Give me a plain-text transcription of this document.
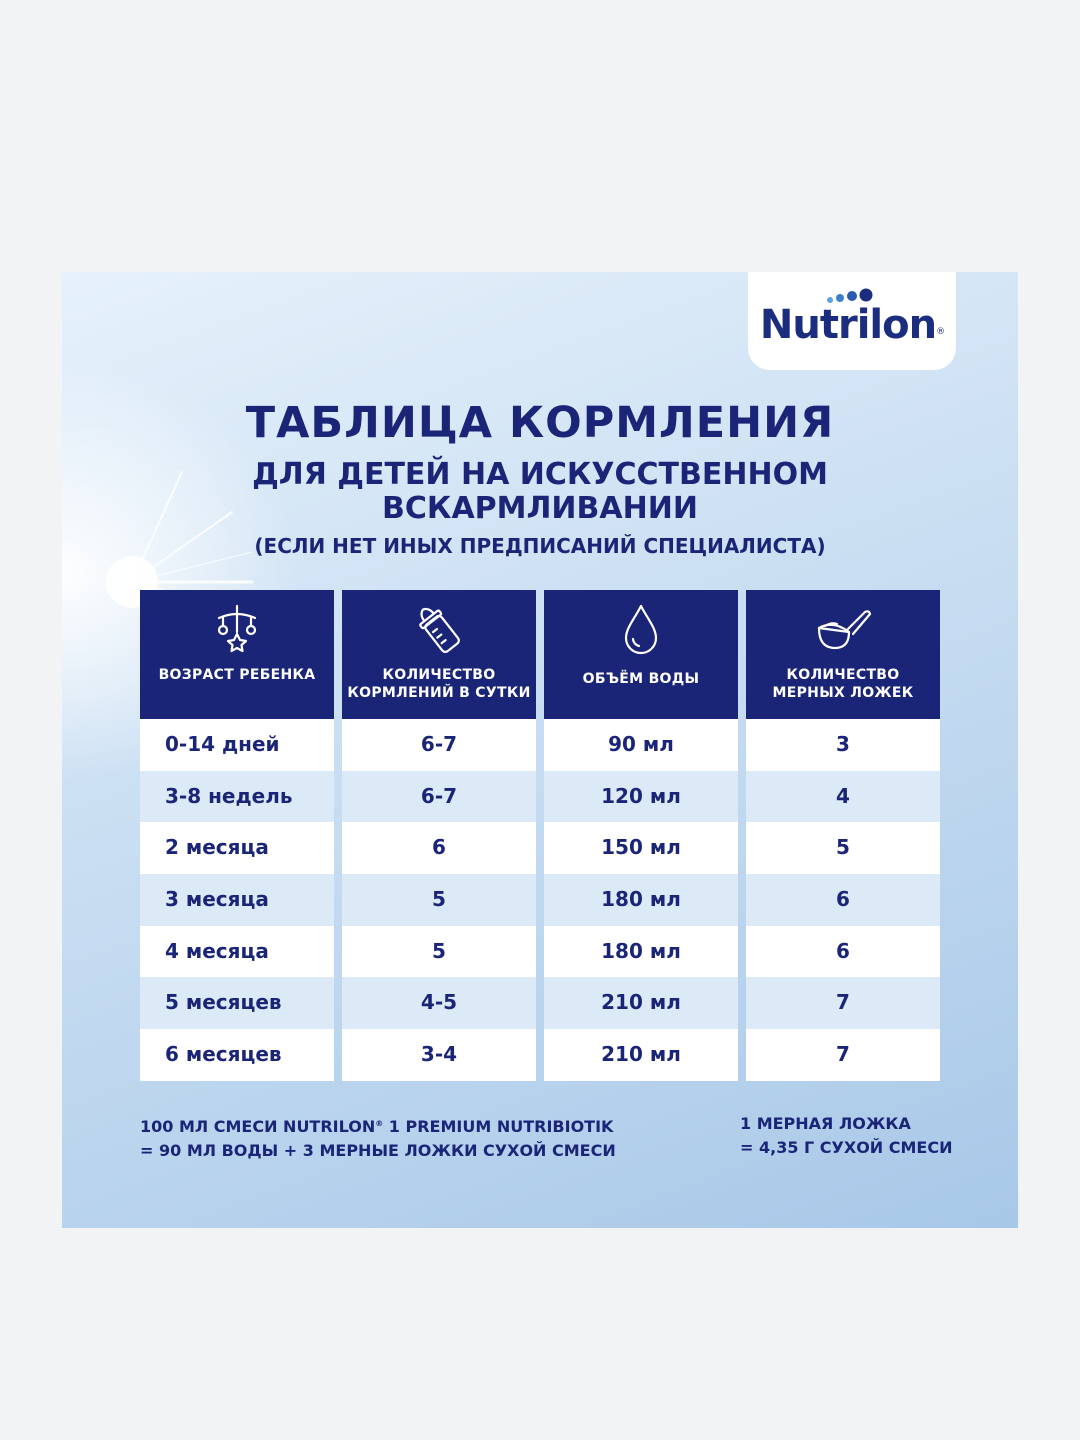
Nutrilon®
ТАБЛИЦА КОРМЛЕНИЯ
ДЛЯ ДЕТЕЙ НА ИСКУССТВЕННОМ
ВСКАРМЛИВАНИИ
(ЕСЛИ НЕТ ИНЫХ ПРЕДПИСАНИЙ СПЕЦИАЛИСТА)
ВОЗРАСТ РЕБЕНКА
0-14 дней
3-8 недель
2 месяца
3 месяца
4 месяца
5 месяцев
6 месяцев
КОЛИЧЕСТВО
КОРМЛЕНИЙ В СУТКИ
6-7
6-7
6
5
5
4-5
3-4
ОБЪЁМ ВОДЫ
90 мл
120 мл
150 мл
180 мл
180 мл
210 мл
210 мл
КОЛИЧЕСТВО
МЕРНЫХ ЛОЖЕК
3
4
5
6
6
7
7
100 МЛ СМЕСИ NUTRILON® 1 PREMIUM NUTRIBIOTIK
= 90 МЛ ВОДЫ + 3 МЕРНЫЕ ЛОЖКИ СУХОЙ СМЕСИ
1 МЕРНАЯ ЛОЖКА
= 4,35 Г СУХОЙ СМЕСИ
